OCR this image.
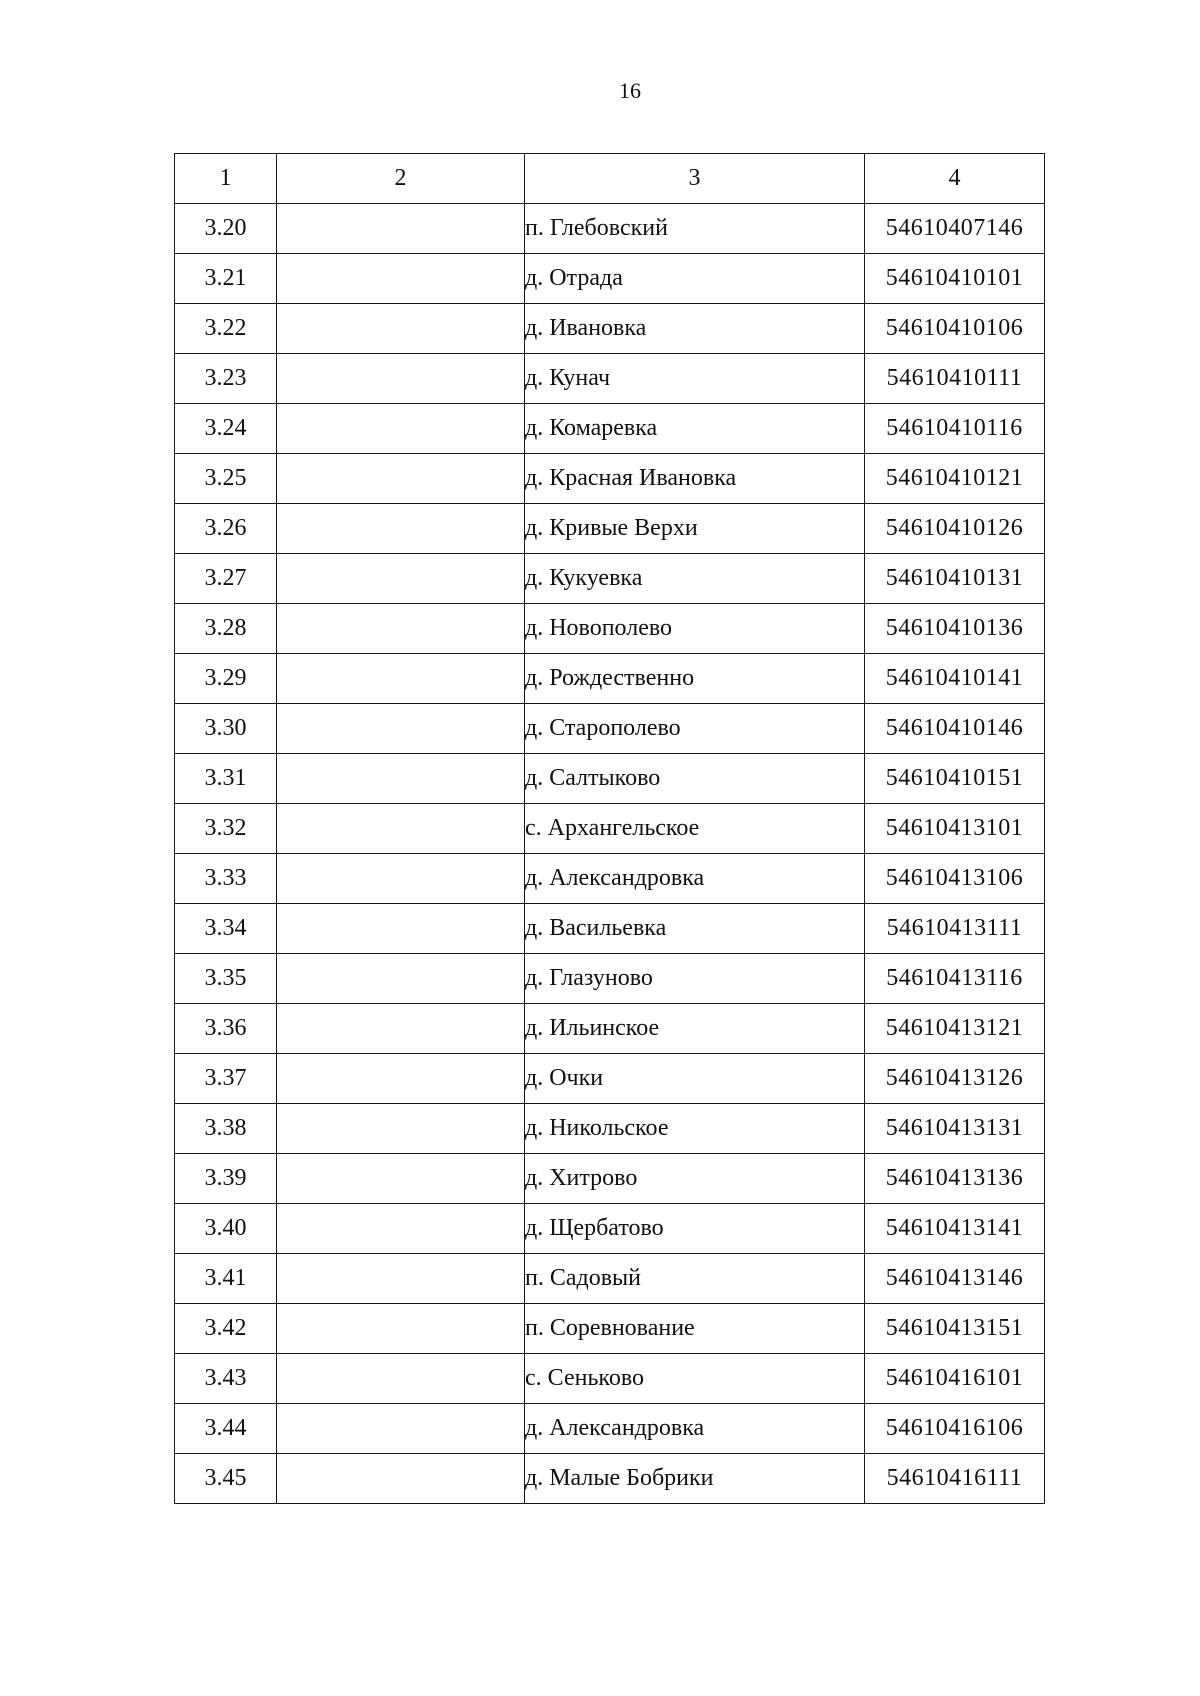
16
1	2	3	4
3.20		п. Глебовский	54610407146
3.21		д. Отрада	54610410101
3.22		д. Ивановка	54610410106
3.23		д. Кунач	54610410111
3.24		д. Комаревка	54610410116
3.25		д. Красная Ивановка	54610410121
3.26		д. Кривые Верхи	54610410126
3.27		д. Кукуевка	54610410131
3.28		д. Новополево	54610410136
3.29		д. Рождественно	54610410141
3.30		д. Старополево	54610410146
3.31		д. Салтыково	54610410151
3.32		с. Архангельское	54610413101
3.33		д. Александровка	54610413106
3.34		д. Васильевка	54610413111
3.35		д. Глазуново	54610413116
3.36		д. Ильинское	54610413121
3.37		д. Очки	54610413126
3.38		д. Никольское	54610413131
3.39		д. Хитрово	54610413136
3.40		д. Щербатово	54610413141
3.41		п. Садовый	54610413146
3.42		п. Соревнование	54610413151
3.43		с. Сеньково	54610416101
3.44		д. Александровка	54610416106
3.45		д. Малые Бобрики	54610416111
